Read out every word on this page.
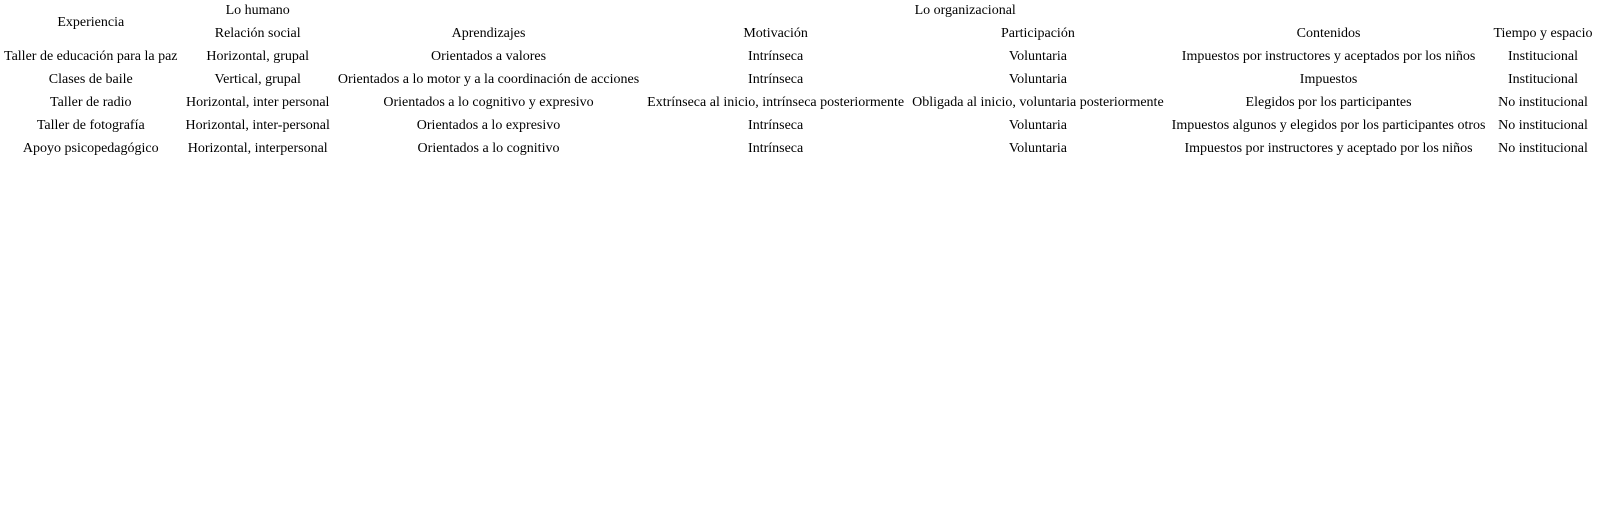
Experiencia	Lo humano	Lo organizacional				
	Relación social	Aprendizajes	Motivación	Participación	Contenidos	Tiempo y espacio
Taller de educación para la paz	Horizontal, grupal	Orientados a valores	Intrínseca	Voluntaria	Impuestos por instructores y aceptados por los niños	Institucional
Clases de baile	Vertical, grupal	Orientados a lo motor y a la coordinación de acciones	Intrínseca	Voluntaria	Impuestos	Institucional
Taller de radio	Horizontal, inter personal	Orientados a lo cognitivo y expresivo	Extrínseca al inicio, intrínseca posteriormente	Obligada al inicio, voluntaria posteriormente	Elegidos por los participantes	No institucional
Taller de fotografía	Horizontal, inter-personal	Orientados a lo expresivo	Intrínseca	Voluntaria	Impuestos algunos y elegidos por los participantes otros	No institucional
Apoyo psicopedagógico	Horizontal, interpersonal	Orientados a lo cognitivo	Intrínseca	Voluntaria	Impuestos por instructores y aceptado por los niños	No institucional
